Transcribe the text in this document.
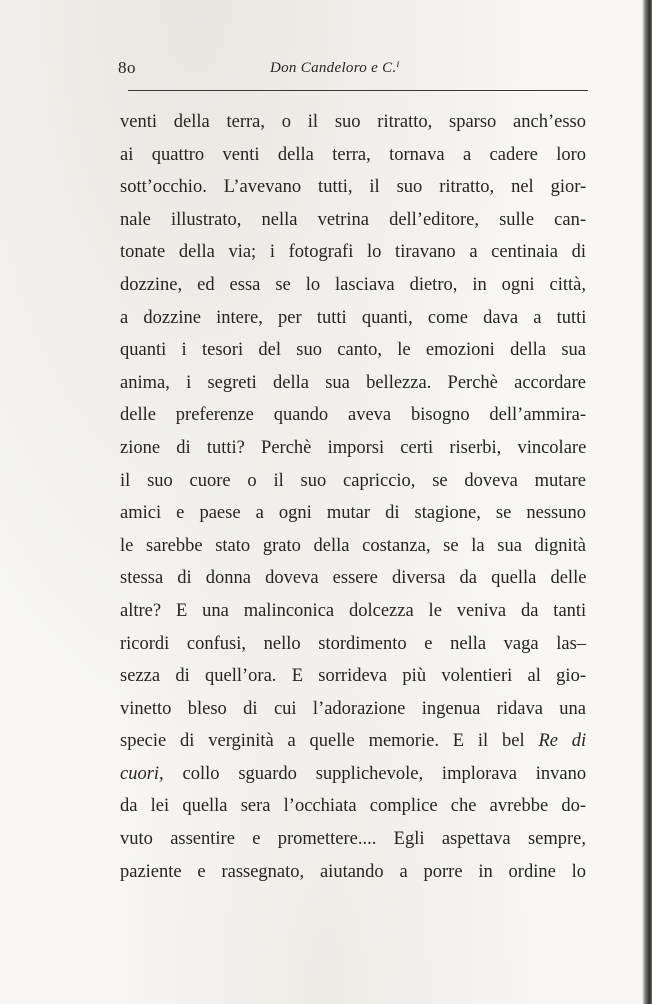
8o	Don Candeloro e C.ⁱ
venti della terra, o il suo ritratto, sparso anch’esso
ai quattro venti della terra, tornava a cadere loro
sott’occhio. L’avevano tutti, il suo ritratto, nel gior-
nale illustrato, nella vetrina dell’editore, sulle can-
tonate della via; i fotografi lo tiravano a centinaia di
dozzine, ed essa se lo lasciava dietro, in ogni città,
a dozzine intere, per tutti quanti, come dava a tutti
quanti i tesori del suo canto, le emozioni della sua
anima, i segreti della sua bellezza. Perchè accordare
delle preferenze quando aveva bisogno dell’ammira-
zione di tutti? Perchè imporsi certi riserbi, vincolare
il suo cuore o il suo capriccio, se doveva mutare
amici e paese a ogni mutar di stagione, se nessuno
le sarebbe stato grato della costanza, se la sua dignità
stessa di donna doveva essere diversa da quella delle
altre? E una malinconica dolcezza le veniva da tanti
ricordi confusi, nello stordimento e nella vaga las–
sezza di quell’ora. E sorrideva più volentieri al gio-
vinetto bleso di cui l’adorazione ingenua ridava una
specie di verginità a quelle memorie. E il bel Re di
cuori, collo sguardo supplichevole, implorava invano
da lei quella sera l’occhiata complice che avrebbe do-
vuto assentire e promettere.... Egli aspettava sempre,
paziente e rassegnato, aiutando a porre in ordine lo
